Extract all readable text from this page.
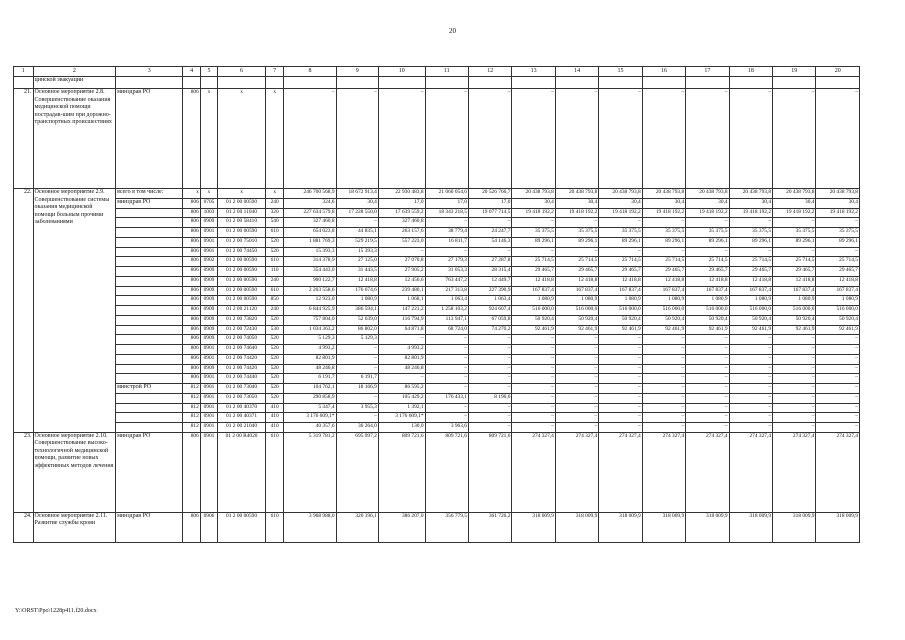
20
1	2	3	4	5	6	7	8	9	10	11	12	13	14	15	16	17	18	19	20
	цинской эвакуации																		
21.	Основное мероприятие 2.8. Совершенствование оказания медицинской помощи пострадав-шим при дорожно-транспортных происшествиях	минздрав РО	806	х	х	х	–	–	–	–	–	–	–	–	–	–	–	–	–
22.	Основное мероприятие 2.9. Совершенствование системы оказания медицинской помощи больным прочими заболеваниями	всего в том числе:	х	х	х	х	246 700 568,9	18 672 913,4	22 930 483,8	21 060 054,6	20 526 766,7	20 438 793,8	20 438 793,8	20 438 793,8	20 438 793,8	20 438 793,8	20 438 793,8	20 438 793,8	20 438 793,8
		минздрав РО	806	0705	01 2 00 00590	240	324,6	30,4	17,0	17,0	17,0	30,4	30,4	30,4	30,4	30,4	30,4	30,4	30,4
			806	1003	01 2 00 11040	320	227 634 579,8	17 228 550,0	17 639 559,2	18 343 218,5	19 077 714,5	19 418 192,2	19 418 192,2	19 418 192,2	19 418 192,2	19 418 192,2	19 418 192,2	19 418 192,2	19 418 192,2
			806	0909	01 2 00 58410	540	327 460,8	–	327 460,8	–	–	–	–	–	–	–	–	–	–
			806	0901	01 2 00 00590	610	654 023,8	44 835,1	263 157,6	38 779,4	24 247,7	35 375,5	35 375,5	35 375,5	35 375,5	35 375,5	35 375,5	35 375,5	35 375,5
			806	0901	01 2 00 75010	520	1 881 769,3	529 219,5	557 223,0	16 811,7	54 146,3	89 296,1	89 296,1	89 296,1	89 296,1	89 296,1	89 296,1	89 296,1	89 296,1
			806	0901	01 2 00 74450	520	15 393,3	15 393,3	–	–	–	–	–	–	–	–	–	–	–
			806	0902	01 2 00 00590	610	314 378,9	27 125,0	27 070,8	27 179,3	27 287,8	25 714,5	25 714,5	25 714,5	25 714,5	25 714,5	25 714,5	25 714,5	25 714,5
			806	0909	01 2 00 00590	110	354 443,0	31 443,5	27 905,2	31 053,3	28 315,4	29 465,7	29 465,7	29 465,7	29 465,7	29 465,7	29 465,7	29 465,7	29 465,7
			806	0909	01 2 00 00590	240	900 122,7	12 418,8	12 456,6	763 447,2	12 449,7	12 418,8	12 418,8	12 418,8	12 418,8	12 418,8	12 418,8	12 418,8	12 418,8
			806	0909	01 2 00 00590	610	2 203 558,6	176 674,6	239 480,1	217 313,8	227 390,9	167 837,4	167 837,4	167 837,4	167 837,4	167 837,4	167 837,4	167 837,4	167 837,4
			806	0909	01 2 00 00590	850	12 923,0	1 080,9	1 068,1	1 063,4	1 063,4	1 080,9	1 080,9	1 080,9	1 080,9	1 080,9	1 080,9	1 080,9	1 080,9
			806	0909	01 2 00 21120	240	6 844 925,9	386 594,1	147 221,2	1 258 103,2	924 607,4	516 000,0	516 000,0	516 000,0	516 000,0	516 000,0	516 000,0	516 000,0	516 000,0
			806	0909	01 2 00 73820	520	757 804,0	52 639,0	116 794,9	113 947,1	67 059,8	50 920,4	50 920,4	50 920,4	50 920,4	50 920,4	50 920,4	50 920,4	50 920,4
			806	0909	01 2 00 72430	530	1 034 363,2	86 802,0	64 871,8	68 724,0	74 270,2	92 461,9	92 461,9	92 461,9	92 461,9	92 461,9	92 461,9	92 461,9	92 461,9
			806	0909	01 2 00 74050	520	5 129,3	5 129,3	–	–	–	–	–	–	–	–	–	–	–
			806	0901	01 2 00 74640	520	4 993,2	–	4 993,2	–	–	–	–	–	–	–	–	–	–
			806	0901	01 2 00 74420	520	82 801,9	–	82 801,9	–	–	–	–	–	–	–	–	–	–
			806	0909	01 2 00 74420	520	48 246,8	–	48 246,8	–	–	–	–	–	–	–	–	–	–
			806	0901	01 2 00 74440	520	6 191,7	6 191,7	–	–	–	–	–	–	–	–	–	–	–
		минстрой РО	812	0901	01 2 00 73040	520	104 762,1	18 166,9	86 595,2	–	–	–	–	–	–	–	–	–	–
			812	0901	01 2 00 73050	520	290 858,9	–	105 429,2	176 433,1	8 196,6	–	–	–	–	–	–	–	–
			812	0901	01 2 00 40370	410	5 347,4	3 955,3	1 392,1	–	–	–	–	–	–	–	–	–	–
			812	0901	01 2 00 40371	410	3 176 609,1*	–	3 176 609,1*	–	–	–	–	–	–	–	–	–	–
			812	0901	01 2 00 21040	410	40 357,6	36 264,0	130,0	3 963,6	–	–	–	–	–	–	–	–	–
23.	Основное мероприятие 2.10. Совершенствование высоко-технологичной медицинской помощи, развитие новых эффективных методов лечения	минздрав РО	806	0901	01 2 00 R4020	610	5 319 781,2	695 997,2	809 721,6	809 721,6	809 721,6	274 327,4	274 327,4	274 327,4	274 327,4	274 327,4	274 327,4	274 327,4	274 327,4
24.	Основное мероприятие 2.11. Развитие службы крови	минздрав РО	806	0906	01 2 00 00590	610	3 968 988,0	320 196,1	386 207,0	356 779,5	361 726,2	318 009,9	318 009,9	318 009,9	318 009,9	318 009,9	318 009,9	318 009,9	318 009,9
Y:\ORST\Ppo\1228p411.f20.docx
